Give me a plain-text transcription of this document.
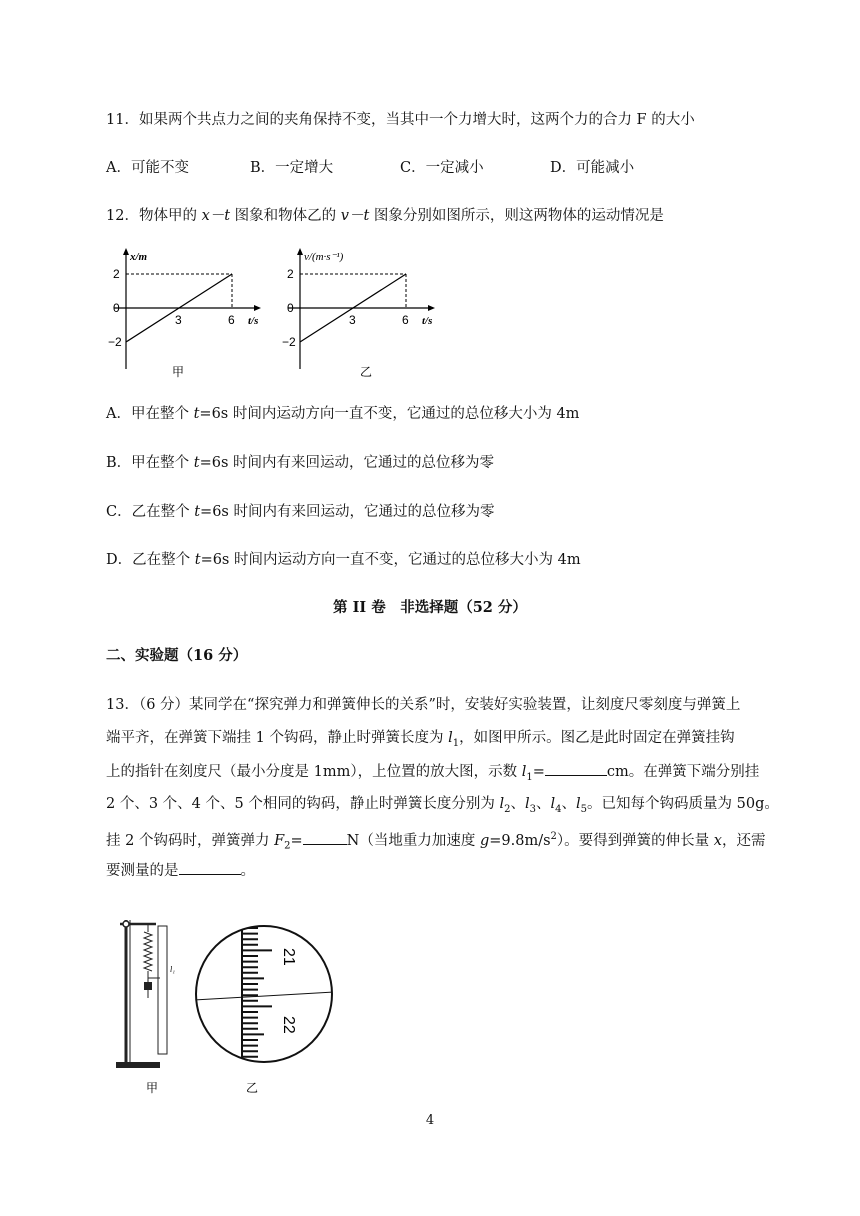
11．如果两个共点力之间的夹角保持不变，当其中一个力增大时，这两个力的合力 F 的大小
A．可能不变	B．一定增大	C．一定减小	D．可能减小
12．物体甲的 x－t 图象和物体乙的 v－t 图象分别如图所示，则这两物体的运动情况是
x/m
2
0
−2
3	6 t/s
甲
v/(m·s⁻¹)
2
0
−2
3	6 t/s
乙
A．甲在整个 t=6s 时间内运动方向一直不变，它通过的总位移大小为 4m
B．甲在整个 t=6s 时间内有来回运动，它通过的总位移为零
C．乙在整个 t=6s 时间内有来回运动，它通过的总位移为零
D．乙在整个 t=6s 时间内运动方向一直不变，它通过的总位移大小为 4m
第 II 卷　非选择题（52 分）
二、实验题（16 分）
13．（6 分）某同学在“探究弹力和弹簧伸长的关系”时，安装好实验装置，让刻度尺零刻度与弹簧上
端平齐，在弹簧下端挂 1 个钩码，静止时弹簧长度为 $l_1$，如图甲所示。图乙是此时固定在弹簧挂钩
上的指针在刻度尺（最小分度是 1mm），上位置的放大图，示数 $l_1=$	cm。在弹簧下端分别挂
2 个、3 个、4 个、5 个相同的钩码，静止时弹簧长度分别为 $l_2$、$l_3$、$l_4$、$l_5$。已知每个钩码质量为 50g。
挂 2 个钩码时，弹簧弹力 $F_2=$	N（当地重力加速度 $g=9.8m/s^2$）。要得到弹簧的伸长量 x，还需
要测量的是	。
l₁
甲
21
22
乙
4
